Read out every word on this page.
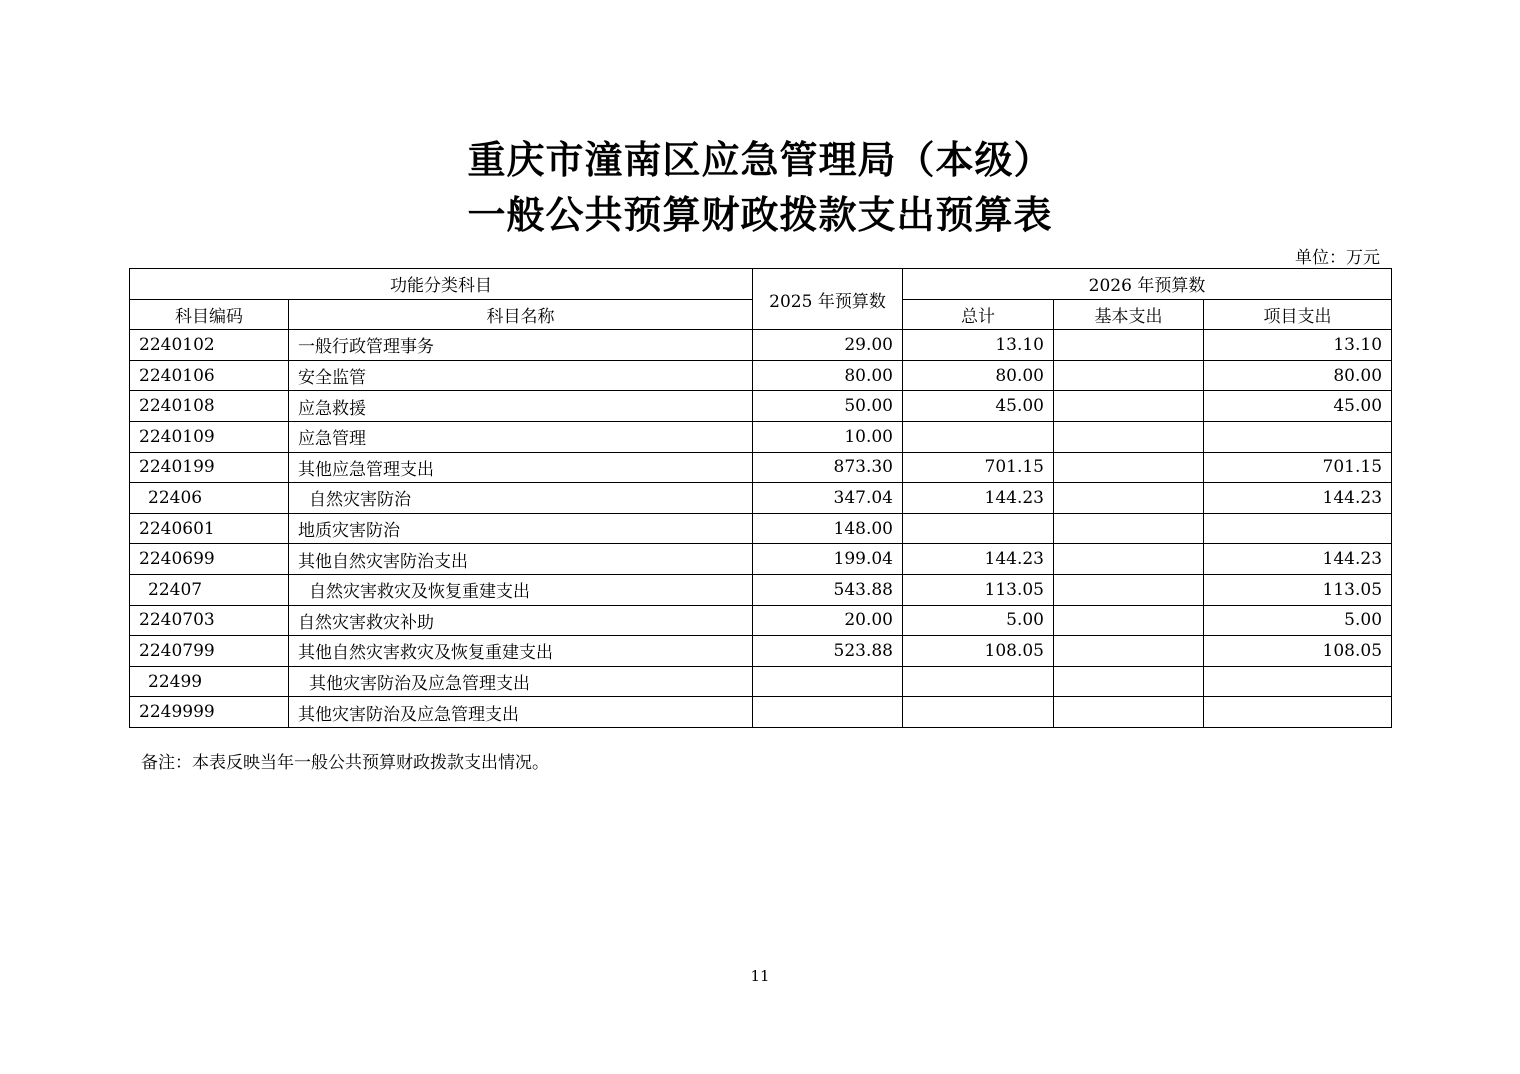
重庆市潼南区应急管理局（本级）
一般公共预算财政拨款支出预算表
单位：万元
功能分类科目		2025 年预算数	2026 年预算数		
科目编码	科目名称		总计	基本支出	项目支出
2240102	一般行政管理事务	29.00	13.10		13.10
2240106	安全监管	80.00	80.00		80.00
2240108	应急救援	50.00	45.00		45.00
2240109	应急管理	10.00			
2240199	其他应急管理支出	873.30	701.15		701.15
22406	自然灾害防治	347.04	144.23		144.23
2240601	地质灾害防治	148.00			
2240699	其他自然灾害防治支出	199.04	144.23		144.23
22407	自然灾害救灾及恢复重建支出	543.88	113.05		113.05
2240703	自然灾害救灾补助	20.00	5.00		5.00
2240799	其他自然灾害救灾及恢复重建支出	523.88	108.05		108.05
22499	其他灾害防治及应急管理支出				
2249999	其他灾害防治及应急管理支出				
备注：本表反映当年一般公共预算财政拨款支出情况。
11
